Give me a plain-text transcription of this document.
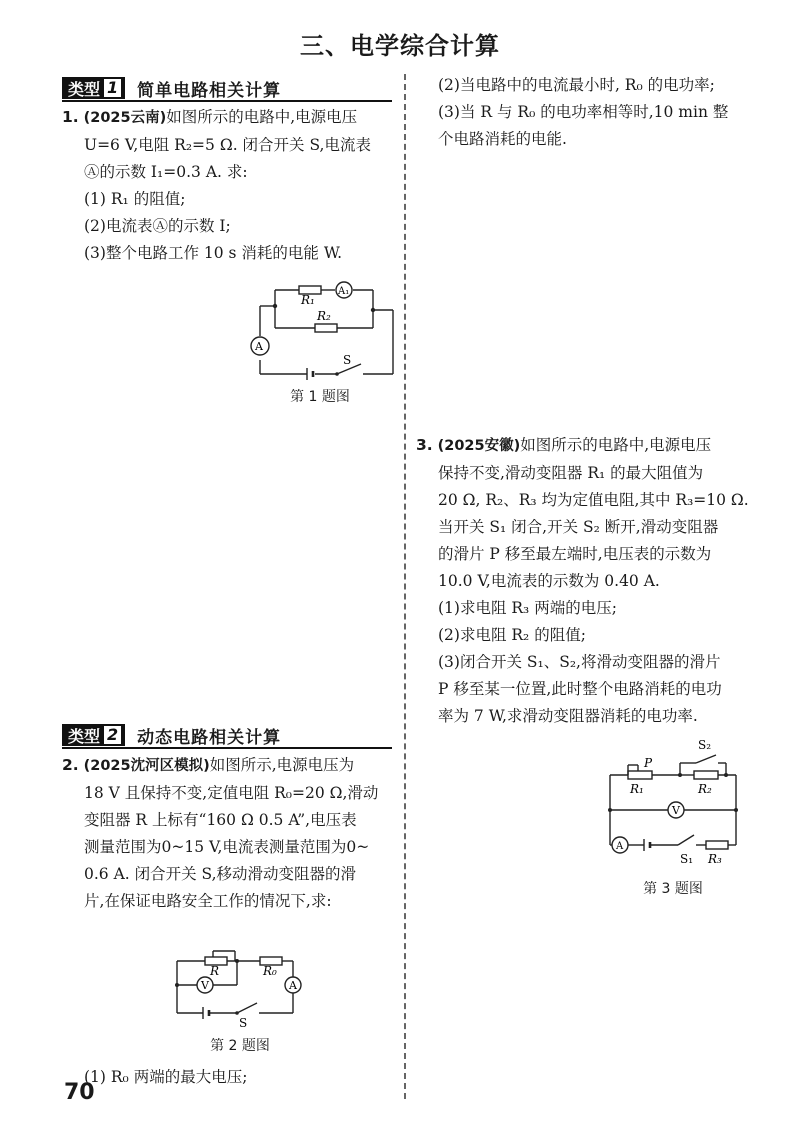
三、电学综合计算
类型 1 简单电路相关计算

1. (2025云南)如图所示的电路中,电源电压

U=6 V,电阻 R₂=5 Ω. 闭合开关 S,电流表

Ⓐ的示数 I₁=0.3 A. 求:

(1) R₁ 的阻值;

(2)电流表Ⓐ的示数 I;

(3)整个电路工作 10 s 消耗的电能 W.

R₁
R₂
A₁
A
S
第 1 题图
类型 2 动态电路相关计算

2. (2025沈河区模拟)如图所示,电源电压为

18 V 且保持不变,定值电阻 R₀=20 Ω,滑动

变阻器 R 上标有“160 Ω 0.5 A”,电压表

测量范围为0~15 V,电流表测量范围为0~

0.6 A. 闭合开关 S,移动滑动变阻器的滑

片,在保证电路安全工作的情况下,求:

R	R₀
V	A
S
第 2 题图

(1) R₀ 两端的最大电压;

(2)当电路中的电流最小时, R₀ 的电功率;

(3)当 R 与 R₀ 的电功率相等时,10 min 整

个电路消耗的电能.

3. (2025安徽)如图所示的电路中,电源电压

保持不变,滑动变阻器 R₁ 的最大阻值为

20 Ω, R₂、R₃ 均为定值电阻,其中 R₃=10 Ω.

当开关 S₁ 闭合,开关 S₂ 断开,滑动变阻器

的滑片 P 移至最左端时,电压表的示数为

10.0 V,电流表的示数为 0.40 A.

(1)求电阻 R₃ 两端的电压;

(2)求电阻 R₂ 的阻值;

(3)闭合开关 S₁、S₂,将滑动变阻器的滑片

P 移至某一位置,此时整个电路消耗的电功

率为 7 W,求滑动变阻器消耗的电功率.

P
R₁	R₂
S₂
V
A
S₁ R₃
第 3 题图
70
